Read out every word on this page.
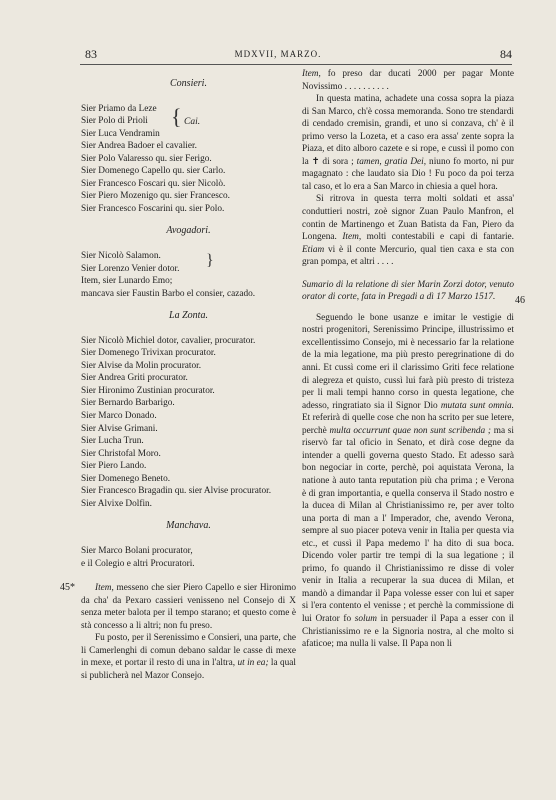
83	MDXVII, MARZO.	84
45*
46
Consieri.
Sier Priamo da Leze
Sier Polo di Prioli
Sier Luca Vendramin
{ Cai.
Sier Andrea Badoer el cavalier.
Sier Polo Valaresso qu. sier Ferigo.
Sier Domenego Capello qu. sier Carlo.
Sier Francesco Foscari qu. sier Nicolò.
Sier Piero Mozenigo qu. sier Francesco.
Sier Francesco Foscarini qu. sier Polo.
Avogadori.
Sier Nicolò Salamon.
Sier Lorenzo Venier dotor.	}
Item, sier Lunardo Emo;
mancava sier Faustin Barbo el consier, cazado.
La Zonta.
Sier Nicolò Michiel dotor, cavalier, procurator.
Sier Domenego Trivixan procurator.
Sier Alvise da Molin procurator.
Sier Andrea Griti procurator.
Sier Hironimo Zustinian procurator.
Sier Bernardo Barbarigo.
Sier Marco Donado.
Sier Alvise Grimani.
Sier Lucha Trun.
Sier Christofal Moro.
Sier Piero Lando.
Sier Domenego Beneto.
Sier Francesco Bragadin qu. sier Alvise procurator.
Sier Alvixe Dolfin.
Manchava.
Sier Marco Bolani procurator,
e il Colegio e altri Procuratori.

Item, messeno che sier Piero Capello e sier Hironimo da cha' da Pexaro cassieri venisseno nel Consejo di X senza meter balota per il tempo starano; et questo come è stà concesso a li altri; non fu preso.

Fu posto, per il Serenissimo e Consieri, una parte, che li Camerlenghi di comun debano saldar le casse di mexe in mexe, et portar il resto di una in l'altra, ut in ea; la qual si publicherà nel Mazor Consejo.

Item, fo preso dar ducati 2000 per pagar Monte Novissimo . . . . . . . . . .

In questa matina, achadete una cossa sopra la piaza di San Marco, ch'è cossa memoranda. Sono tre stendardi di cendado cremisin, grandi, et uno si conzava, ch' è il primo verso la Lozeta, et a caso era assa' zente sopra la Piaza, et dito alboro cazete e si rope, e cussì il pomo con la ✝ di sora ; tamen, gratia Dei, niuno fo morto, ni pur magagnato : che laudato sia Dio ! Fu poco da poi terza tal caso, et lo era a San Marco in chiesia a quel hora.

Si ritrova in questa terra molti soldati et assa' conduttieri nostri, zoè signor Zuan Paulo Manfron, el contin de Martinengo et Zuan Batista da Fan, Piero da Longena. Item, molti contestabili e capi di fantarie. Etiam vi è il conte Mercurio, qual tien caxa e sta con gran pompa, et altri . . . .

Sumario di la relatione di sier Marin Zorzi dotor, venuto orator di corte, fata in Pregadi a dì 17 Marzo 1517.

Seguendo le bone usanze e imitar le vestigie di nostri progenitori, Serenissimo Principe, illustrissimo et excellentissimo Consejo, mi è necessario far la relatione de la mia legatione, ma più presto peregrinatione di do anni. Et cussì come eri il clarissimo Griti fece relatione di alegreza et quisto, cussì lui farà più presto di tristeza per li mali tempi hanno corso in questa legatione, che adesso, ringratiato sia il Signor Dio mutata sunt omnia. Et referirà di quelle cose che non ha scrito per sue letere, perchè multa occurrunt quae non sunt scribenda ; ma si riservò far tal oficio in Senato, et dirà cose degne da intender a quelli governa questo Stado. Et adesso sarà bon negociar in corte, perchè, poi aquistata Verona, la natione à auto tanta reputation più cha prima ; e Verona è di gran importantia, e quella conserva il Stado nostro e la ducea di Milan al Christianissimo re, per aver tolto una porta di man a l' Imperador, che, avendo Verona, sempre al suo piacer poteva venir in Italia per questa via etc., et cussì il Papa medemo l' ha dito di sua boca. Dicendo voler partir tre tempi di la sua legatione ; il primo, fo quando il Christianissimo re disse di voler venir in Italia a recuperar la sua ducea di Milan, et mandò a dimandar il Papa volesse esser con lui et saper si l'era contento el venisse ; et perchè la commissione di lui Orator fo solum in persuader il Papa a esser con il Christianissimo re e la Signoria nostra, al che molto si afaticoe; ma nulla li valse. Il Papa non li
